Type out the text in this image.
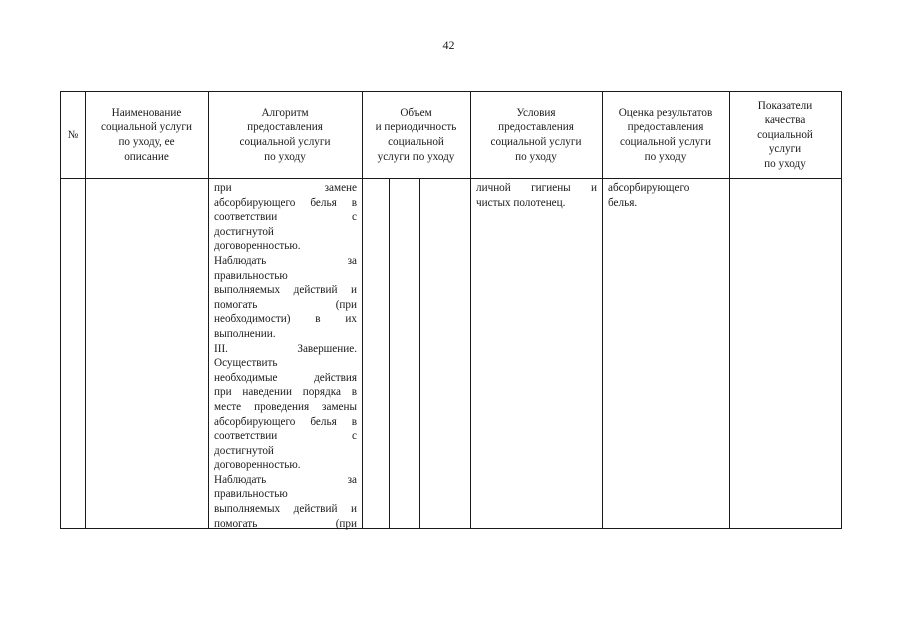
42
№
Наименование
социальной услуги
по уходу, ее
описание
Алгоритм
предоставления
социальной услуги
по уходу
Объем
и периодичность
социальной
услуги по уходу
Условия
предоставления
социальной услуги
по уходу
Оценка результатов
предоставления
социальной услуги
по уходу
Показатели
качества
социальной
услуги
по уходу
при замене
абсорбирующего белья в
соответствии с
достигнутой
договоренностью.
Наблюдать за
правильностью
выполняемых действий и
помогать (при
необходимости) в их
выполнении.
III. Завершение.
Осуществить
необходимые действия
при наведении порядка в
месте проведения замены
абсорбирующего белья в
соответствии с
достигнутой
договоренностью.
Наблюдать за
правильностью
выполняемых действий и
помогать (при
личной гигиены и
чистых полотенец.
абсорбирующего
белья.
